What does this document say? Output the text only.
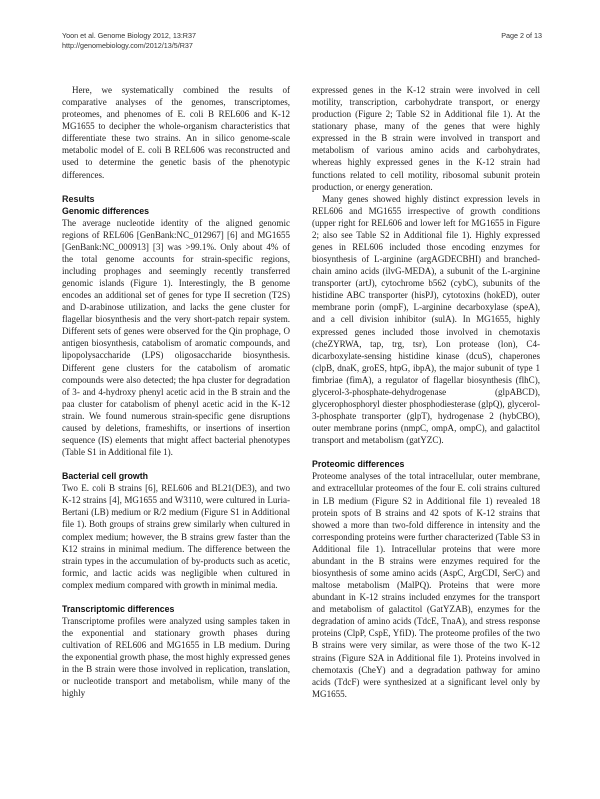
Yoon et al. Genome Biology 2012, 13:R37
http://genomebiology.com/2012/13/5/R37
Page 2 of 13

Here, we systematically combined the results of comparative analyses of the genomes, transcriptomes, proteomes, and phenomes of E. coli B REL606 and K-12 MG1655 to decipher the whole-organism characteristics that differentiate these two strains. An in silico genome-scale metabolic model of E. coli B REL606 was reconstructed and used to determine the genetic basis of the phenotypic differences.

Results
Genomic differences

The average nucleotide identity of the aligned genomic regions of REL606 [GenBank:NC_012967] [6] and MG1655 [GenBank:NC_000913] [3] was >99.1%. Only about 4% of the total genome accounts for strain-specific regions, including prophages and seemingly recently transferred genomic islands (Figure 1). Interestingly, the B genome encodes an additional set of genes for type II secretion (T2S) and D-arabinose utilization, and lacks the gene cluster for flagellar biosynthesis and the very short-patch repair system. Different sets of genes were observed for the Qin prophage, O antigen biosynthesis, catabolism of aromatic compounds, and lipopolysaccharide (LPS) oligosaccharide biosynthesis. Different gene clusters for the catabolism of aromatic compounds were also detected; the hpa cluster for degradation of 3- and 4-hydroxy phenyl acetic acid in the B strain and the paa cluster for catabolism of phenyl acetic acid in the K-12 strain. We found numerous strain-specific gene disruptions caused by deletions, frameshifts, or insertions of insertion sequence (IS) elements that might affect bacterial phenotypes (Table S1 in Additional file 1).

Bacterial cell growth

Two E. coli B strains [6], REL606 and BL21(DE3), and two K-12 strains [4], MG1655 and W3110, were cultured in Luria-Bertani (LB) medium or R/2 medium (Figure S1 in Additional file 1). Both groups of strains grew similarly when cultured in complex medium; however, the B strains grew faster than the K12 strains in minimal medium. The difference between the strain types in the accumulation of by-products such as acetic, formic, and lactic acids was negligible when cultured in complex medium compared with growth in minimal media.

Transcriptomic differences

Transcriptome profiles were analyzed using samples taken in the exponential and stationary growth phases during cultivation of REL606 and MG1655 in LB medium. During the exponential growth phase, the most highly expressed genes in the B strain were those involved in replication, translation, or nucleotide transport and metabolism, while many of the highly

expressed genes in the K-12 strain were involved in cell motility, transcription, carbohydrate transport, or energy production (Figure 2; Table S2 in Additional file 1). At the stationary phase, many of the genes that were highly expressed in the B strain were involved in transport and metabolism of various amino acids and carbohydrates, whereas highly expressed genes in the K-12 strain had functions related to cell motility, ribosomal subunit protein production, or energy generation.

Many genes showed highly distinct expression levels in REL606 and MG1655 irrespective of growth conditions (upper right for REL606 and lower left for MG1655 in Figure 2; also see Table S2 in Additional file 1). Highly expressed genes in REL606 included those encoding enzymes for biosynthesis of L-arginine (argAGDECBHI) and branched-chain amino acids (ilvG-MEDA), a subunit of the L-arginine transporter (artJ), cytochrome b562 (cybC), subunits of the histidine ABC transporter (hisPJ), cytotoxins (hokED), outer membrane porin (ompF), L-arginine decarboxylase (speA), and a cell division inhibitor (sulA). In MG1655, highly expressed genes included those involved in chemotaxis (cheZYRWA, tap, trg, tsr), Lon protease (lon), C4-dicarboxylate-sensing histidine kinase (dcuS), chaperones (clpB, dnaK, groES, htpG, ibpA), the major subunit of type 1 fimbriae (fimA), a regulator of flagellar biosynthesis (flhC), glycerol-3-phosphate-dehydrogenase (glpABCD), glycerophosphoryl diester phosphodiesterase (glpQ), glycerol-3-phosphate transporter (glpT), hydrogenase 2 (hybCBO), outer membrane porins (nmpC, ompA, ompC), and galactitol transport and metabolism (gatYZC).

Proteomic differences

Proteome analyses of the total intracellular, outer membrane, and extracellular proteomes of the four E. coli strains cultured in LB medium (Figure S2 in Additional file 1) revealed 18 protein spots of B strains and 42 spots of K-12 strains that showed a more than two-fold difference in intensity and the corresponding proteins were further characterized (Table S3 in Additional file 1). Intracellular proteins that were more abundant in the B strains were enzymes required for the biosynthesis of some amino acids (AspC, ArgCDI, SerC) and maltose metabolism (MalPQ). Proteins that were more abundant in K-12 strains included enzymes for the transport and metabolism of galactitol (GatYZAB), enzymes for the degradation of amino acids (TdcE, TnaA), and stress response proteins (ClpP, CspE, YfiD). The proteome profiles of the two B strains were very similar, as were those of the two K-12 strains (Figure S2A in Additional file 1). Proteins involved in chemotaxis (CheY) and a degradation pathway for amino acids (TdcF) were synthesized at a significant level only by MG1655.
